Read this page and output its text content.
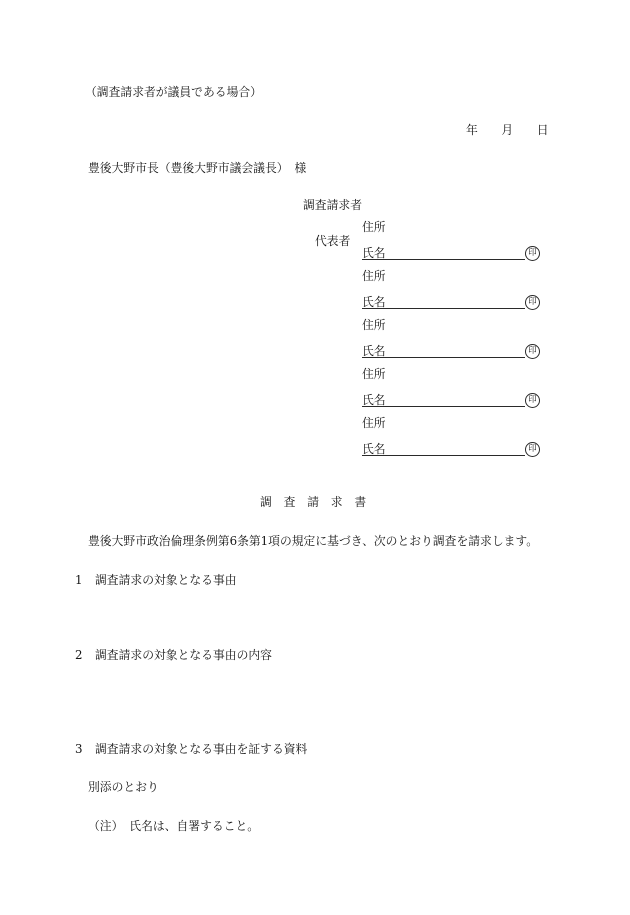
（調査請求者が議員である場合）
年　　月　　日
豊後大野市長（豊後大野市議会議長）　様
調査請求者
代表者
住所
氏名	印
住所
氏名	印
住所
氏名	印
住所
氏名	印
住所
氏名	印
調　査　請　求　書
豊後大野市政治倫理条例第6条第1項の規定に基づき、次のとおり調査を請求します。
1 調査請求の対象となる事由
2 調査請求の対象となる事由の内容
3 調査請求の対象となる事由を証する資料
別添のとおり
（注）　氏名は、自署すること。
